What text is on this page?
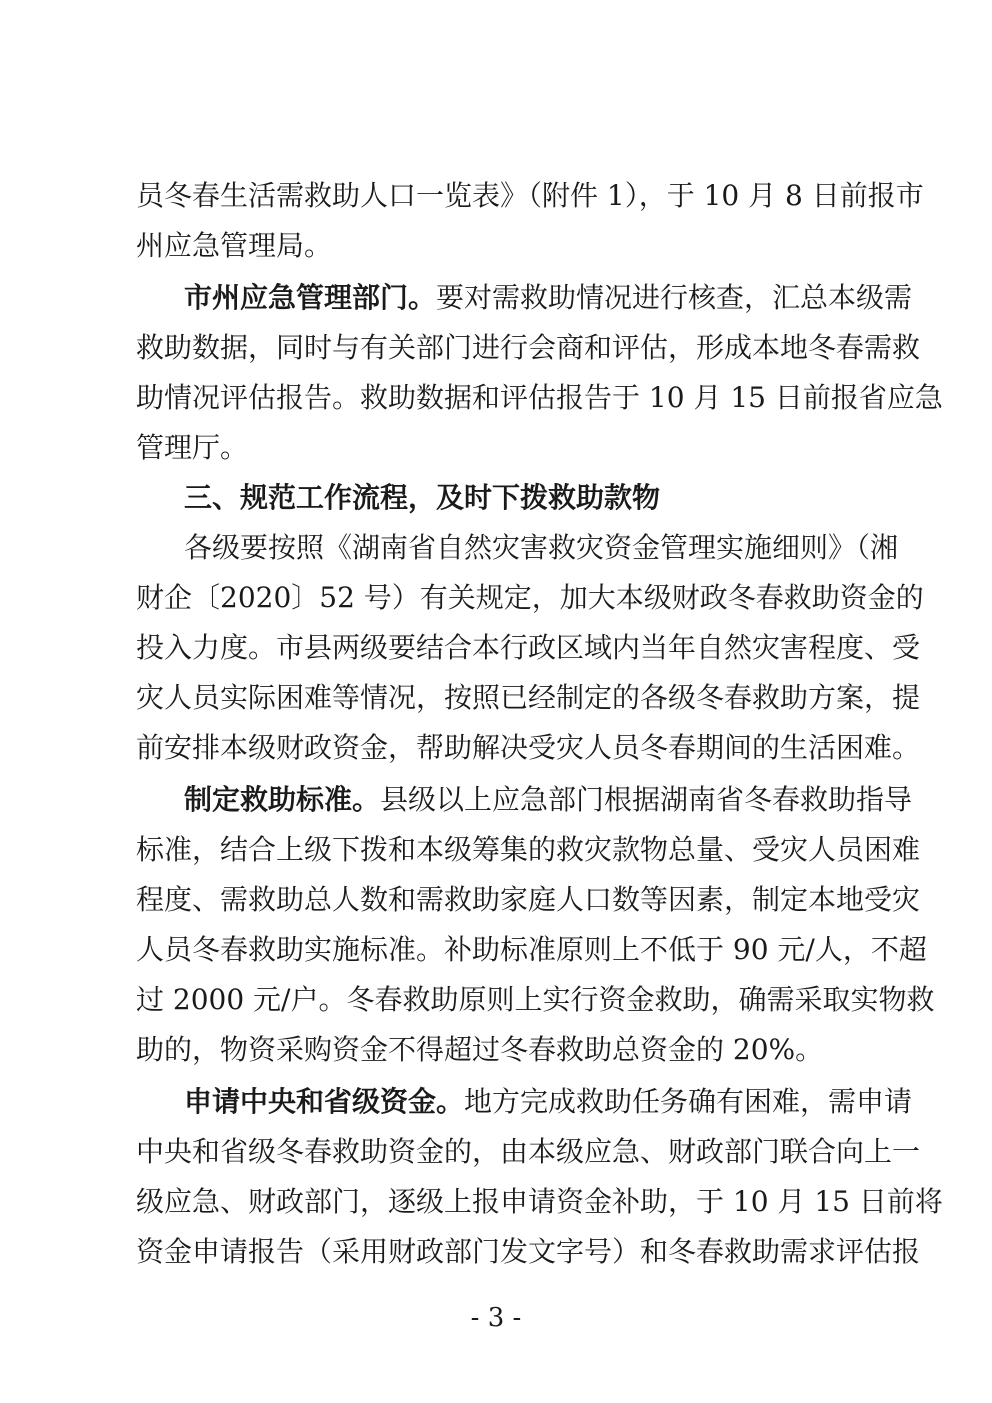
员冬春生活需救助人口一览表》（附件 1），于 10 月 8 日前报市
州应急管理局。
市州应急管理部门。要对需救助情况进行核查，汇总本级需
救助数据，同时与有关部门进行会商和评估，形成本地冬春需救
助情况评估报告。救助数据和评估报告于 10 月 15 日前报省应急
管理厅。
三、规范工作流程，及时下拨救助款物
各级要按照《湖南省自然灾害救灾资金管理实施细则》（湘
财企〔2020〕52 号）有关规定，加大本级财政冬春救助资金的
投入力度。市县两级要结合本行政区域内当年自然灾害程度、受
灾人员实际困难等情况，按照已经制定的各级冬春救助方案，提
前安排本级财政资金，帮助解决受灾人员冬春期间的生活困难。
制定救助标准。县级以上应急部门根据湖南省冬春救助指导
标准，结合上级下拨和本级筹集的救灾款物总量、受灾人员困难
程度、需救助总人数和需救助家庭人口数等因素，制定本地受灾
人员冬春救助实施标准。补助标准原则上不低于 90 元/人，不超
过 2000 元/户。冬春救助原则上实行资金救助，确需采取实物救
助的，物资采购资金不得超过冬春救助总资金的 20%。
申请中央和省级资金。地方完成救助任务确有困难，需申请
中央和省级冬春救助资金的，由本级应急、财政部门联合向上一
级应急、财政部门，逐级上报申请资金补助，于 10 月 15 日前将
资金申请报告（采用财政部门发文字号）和冬春救助需求评估报
- 3 -
